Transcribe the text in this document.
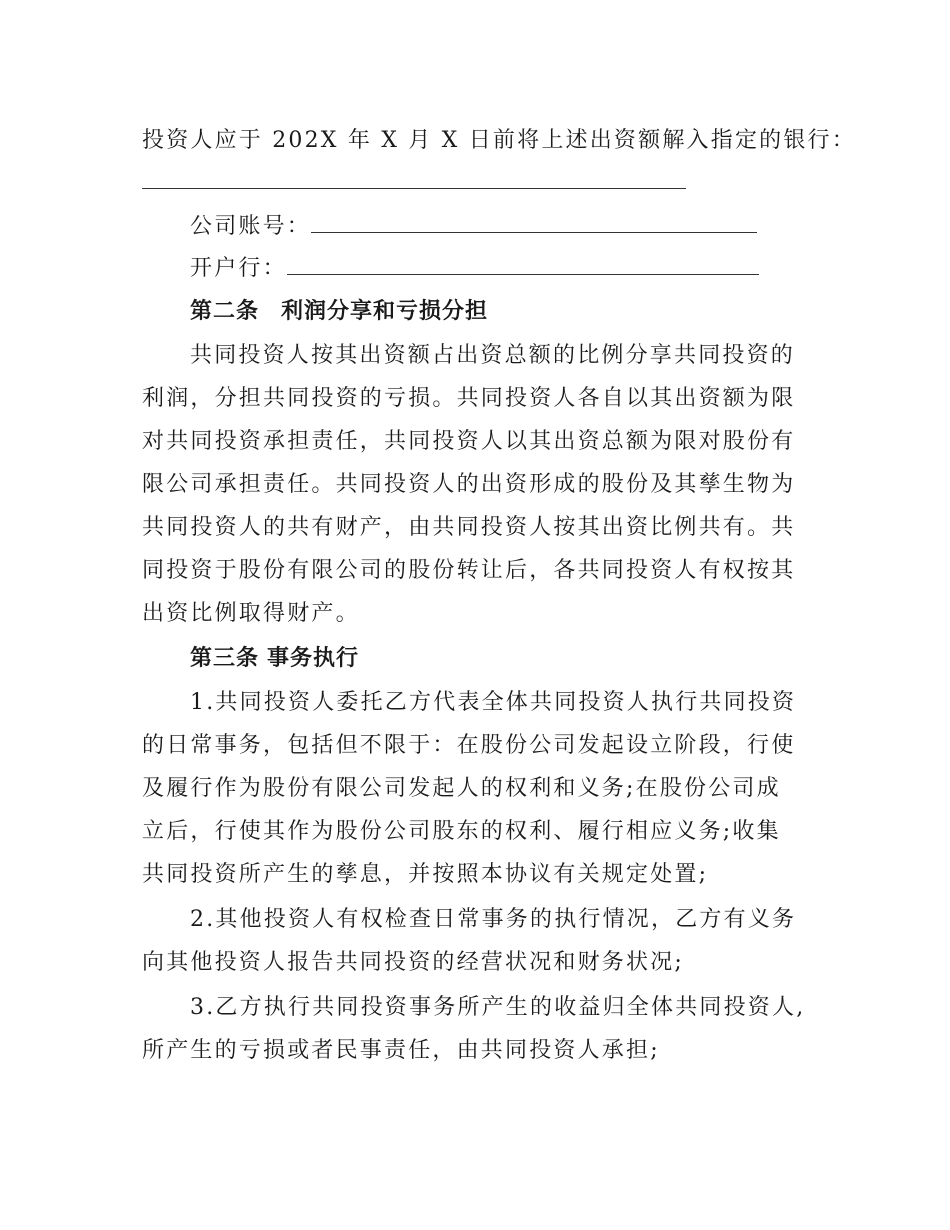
投资人应于 202X 年 X 月 X 日前将上述出资额解入指定的银行：
公司账号：
开户行：
第二条 利润分享和亏损分担
共同投资人按其出资额占出资总额的比例分享共同投资的
利润，分担共同投资的亏损。共同投资人各自以其出资额为限
对共同投资承担责任，共同投资人以其出资总额为限对股份有
限公司承担责任。共同投资人的出资形成的股份及其孳生物为
共同投资人的共有财产，由共同投资人按其出资比例共有。共
同投资于股份有限公司的股份转让后，各共同投资人有权按其
出资比例取得财产。
第三条 事务执行
1.共同投资人委托乙方代表全体共同投资人执行共同投资
的日常事务，包括但不限于：在股份公司发起设立阶段，行使
及履行作为股份有限公司发起人的权利和义务;在股份公司成
立后，行使其作为股份公司股东的权利、履行相应义务;收集
共同投资所产生的孳息，并按照本协议有关规定处置;
2.其他投资人有权检查日常事务的执行情况，乙方有义务
向其他投资人报告共同投资的经营状况和财务状况;
3.乙方执行共同投资事务所产生的收益归全体共同投资人,
所产生的亏损或者民事责任，由共同投资人承担;
